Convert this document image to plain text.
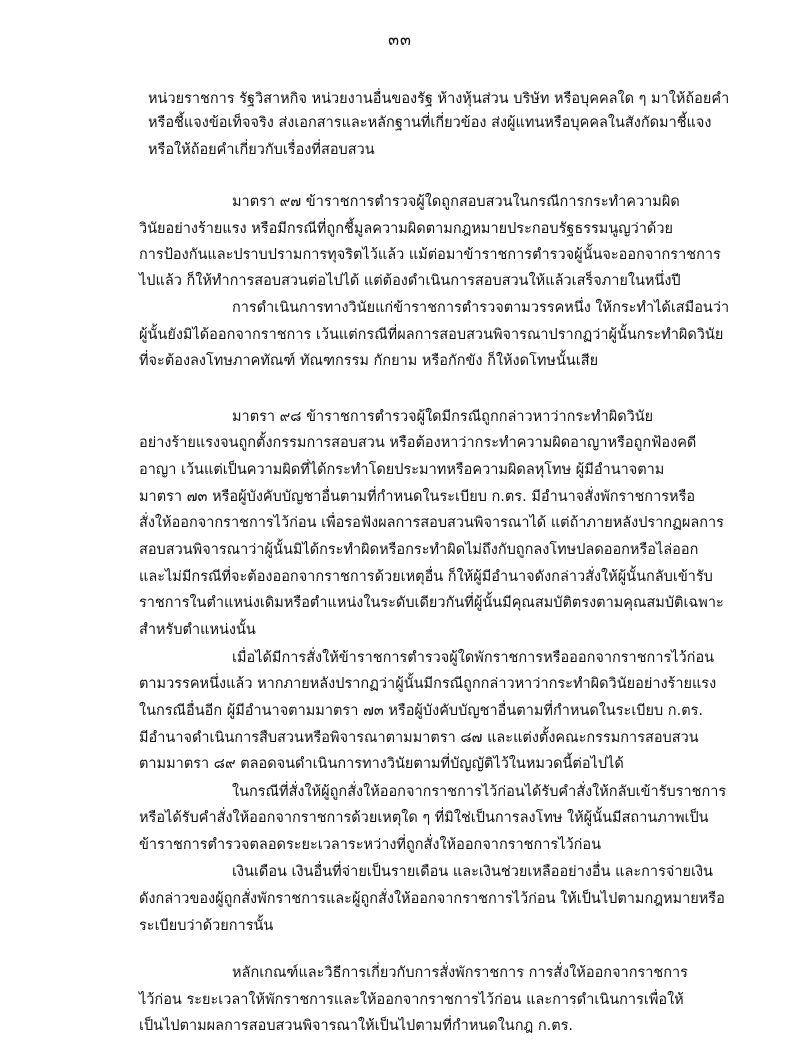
๓๓
หน่วยราชการ รัฐวิสาหกิจ หน่วยงานอื่นของรัฐ ห้างหุ้นส่วน บริษัท หรือบุคคลใด ๆ มาให้ถ้อยคำ
หรือชี้แจงข้อเท็จจริง ส่งเอกสารและหลักฐานที่เกี่ยวข้อง ส่งผู้แทนหรือบุคคลในสังกัดมาชี้แจง
หรือให้ถ้อยคำเกี่ยวกับเรื่องที่สอบสวน
มาตรา ๙๗ ข้าราชการตำรวจผู้ใดถูกสอบสวนในกรณีการกระทำความผิด
วินัยอย่างร้ายแรง หรือมีกรณีที่ถูกชี้มูลความผิดตามกฎหมายประกอบรัฐธรรมนูญว่าด้วย
การป้องกันและปราบปรามการทุจริตไว้แล้ว แม้ต่อมาข้าราชการตำรวจผู้นั้นจะออกจากราชการ
ไปแล้ว ก็ให้ทำการสอบสวนต่อไปได้ แต่ต้องดำเนินการสอบสวนให้แล้วเสร็จภายในหนึ่งปี
การดำเนินการทางวินัยแก่ข้าราชการตำรวจตามวรรคหนึ่ง ให้กระทำได้เสมือนว่า
ผู้นั้นยังมิได้ออกจากราชการ เว้นแต่กรณีที่ผลการสอบสวนพิจารณาปรากฏว่าผู้นั้นกระทำผิดวินัย
ที่จะต้องลงโทษภาคทัณฑ์ ทัณฑกรรม กักยาม หรือกักขัง ก็ให้งดโทษนั้นเสีย
มาตรา ๙๘ ข้าราชการตำรวจผู้ใดมีกรณีถูกกล่าวหาว่ากระทำผิดวินัย
อย่างร้ายแรงจนถูกตั้งกรรมการสอบสวน หรือต้องหาว่ากระทำความผิดอาญาหรือถูกฟ้องคดี
อาญา เว้นแต่เป็นความผิดที่ได้กระทำโดยประมาทหรือความผิดลหุโทษ ผู้มีอำนาจตาม
มาตรา ๗๓ หรือผู้บังคับบัญชาอื่นตามที่กำหนดในระเบียบ ก.ตร. มีอำนาจสั่งพักราชการหรือ
สั่งให้ออกจากราชการไว้ก่อน เพื่อรอฟังผลการสอบสวนพิจารณาได้ แต่ถ้าภายหลังปรากฏผลการ
สอบสวนพิจารณาว่าผู้นั้นมิได้กระทำผิดหรือกระทำผิดไม่ถึงกับถูกลงโทษปลดออกหรือไล่ออก
และไม่มีกรณีที่จะต้องออกจากราชการด้วยเหตุอื่น ก็ให้ผู้มีอำนาจดังกล่าวสั่งให้ผู้นั้นกลับเข้ารับ
ราชการในตำแหน่งเดิมหรือตำแหน่งในระดับเดียวกันที่ผู้นั้นมีคุณสมบัติตรงตามคุณสมบัติเฉพาะ
สำหรับตำแหน่งนั้น
เมื่อได้มีการสั่งให้ข้าราชการตำรวจผู้ใดพักราชการหรือออกจากราชการไว้ก่อน
ตามวรรคหนึ่งแล้ว หากภายหลังปรากฏว่าผู้นั้นมีกรณีถูกกล่าวหาว่ากระทำผิดวินัยอย่างร้ายแรง
ในกรณีอื่นอีก ผู้มีอำนาจตามมาตรา ๗๓ หรือผู้บังคับบัญชาอื่นตามที่กำหนดในระเบียบ ก.ตร.
มีอำนาจดำเนินการสืบสวนหรือพิจารณาตามมาตรา ๘๗ และแต่งตั้งคณะกรรมการสอบสวน
ตามมาตรา ๘๙ ตลอดจนดำเนินการทางวินัยตามที่บัญญัติไว้ในหมวดนี้ต่อไปได้
ในกรณีที่สั่งให้ผู้ถูกสั่งให้ออกจากราชการไว้ก่อนได้รับคำสั่งให้กลับเข้ารับราชการ
หรือได้รับคำสั่งให้ออกจากราชการด้วยเหตุใด ๆ ที่มิใช่เป็นการลงโทษ ให้ผู้นั้นมีสถานภาพเป็น
ข้าราชการตำรวจตลอดระยะเวลาระหว่างที่ถูกสั่งให้ออกจากราชการไว้ก่อน
เงินเดือน เงินอื่นที่จ่ายเป็นรายเดือน และเงินช่วยเหลืออย่างอื่น และการจ่ายเงิน
ดังกล่าวของผู้ถูกสั่งพักราชการและผู้ถูกสั่งให้ออกจากราชการไว้ก่อน ให้เป็นไปตามกฎหมายหรือ
ระเบียบว่าด้วยการนั้น
หลักเกณฑ์และวิธีการเกี่ยวกับการสั่งพักราชการ การสั่งให้ออกจากราชการ
ไว้ก่อน ระยะเวลาให้พักราชการและให้ออกจากราชการไว้ก่อน และการดำเนินการเพื่อให้
เป็นไปตามผลการสอบสวนพิจารณาให้เป็นไปตามที่กำหนดในกฎ ก.ตร.
